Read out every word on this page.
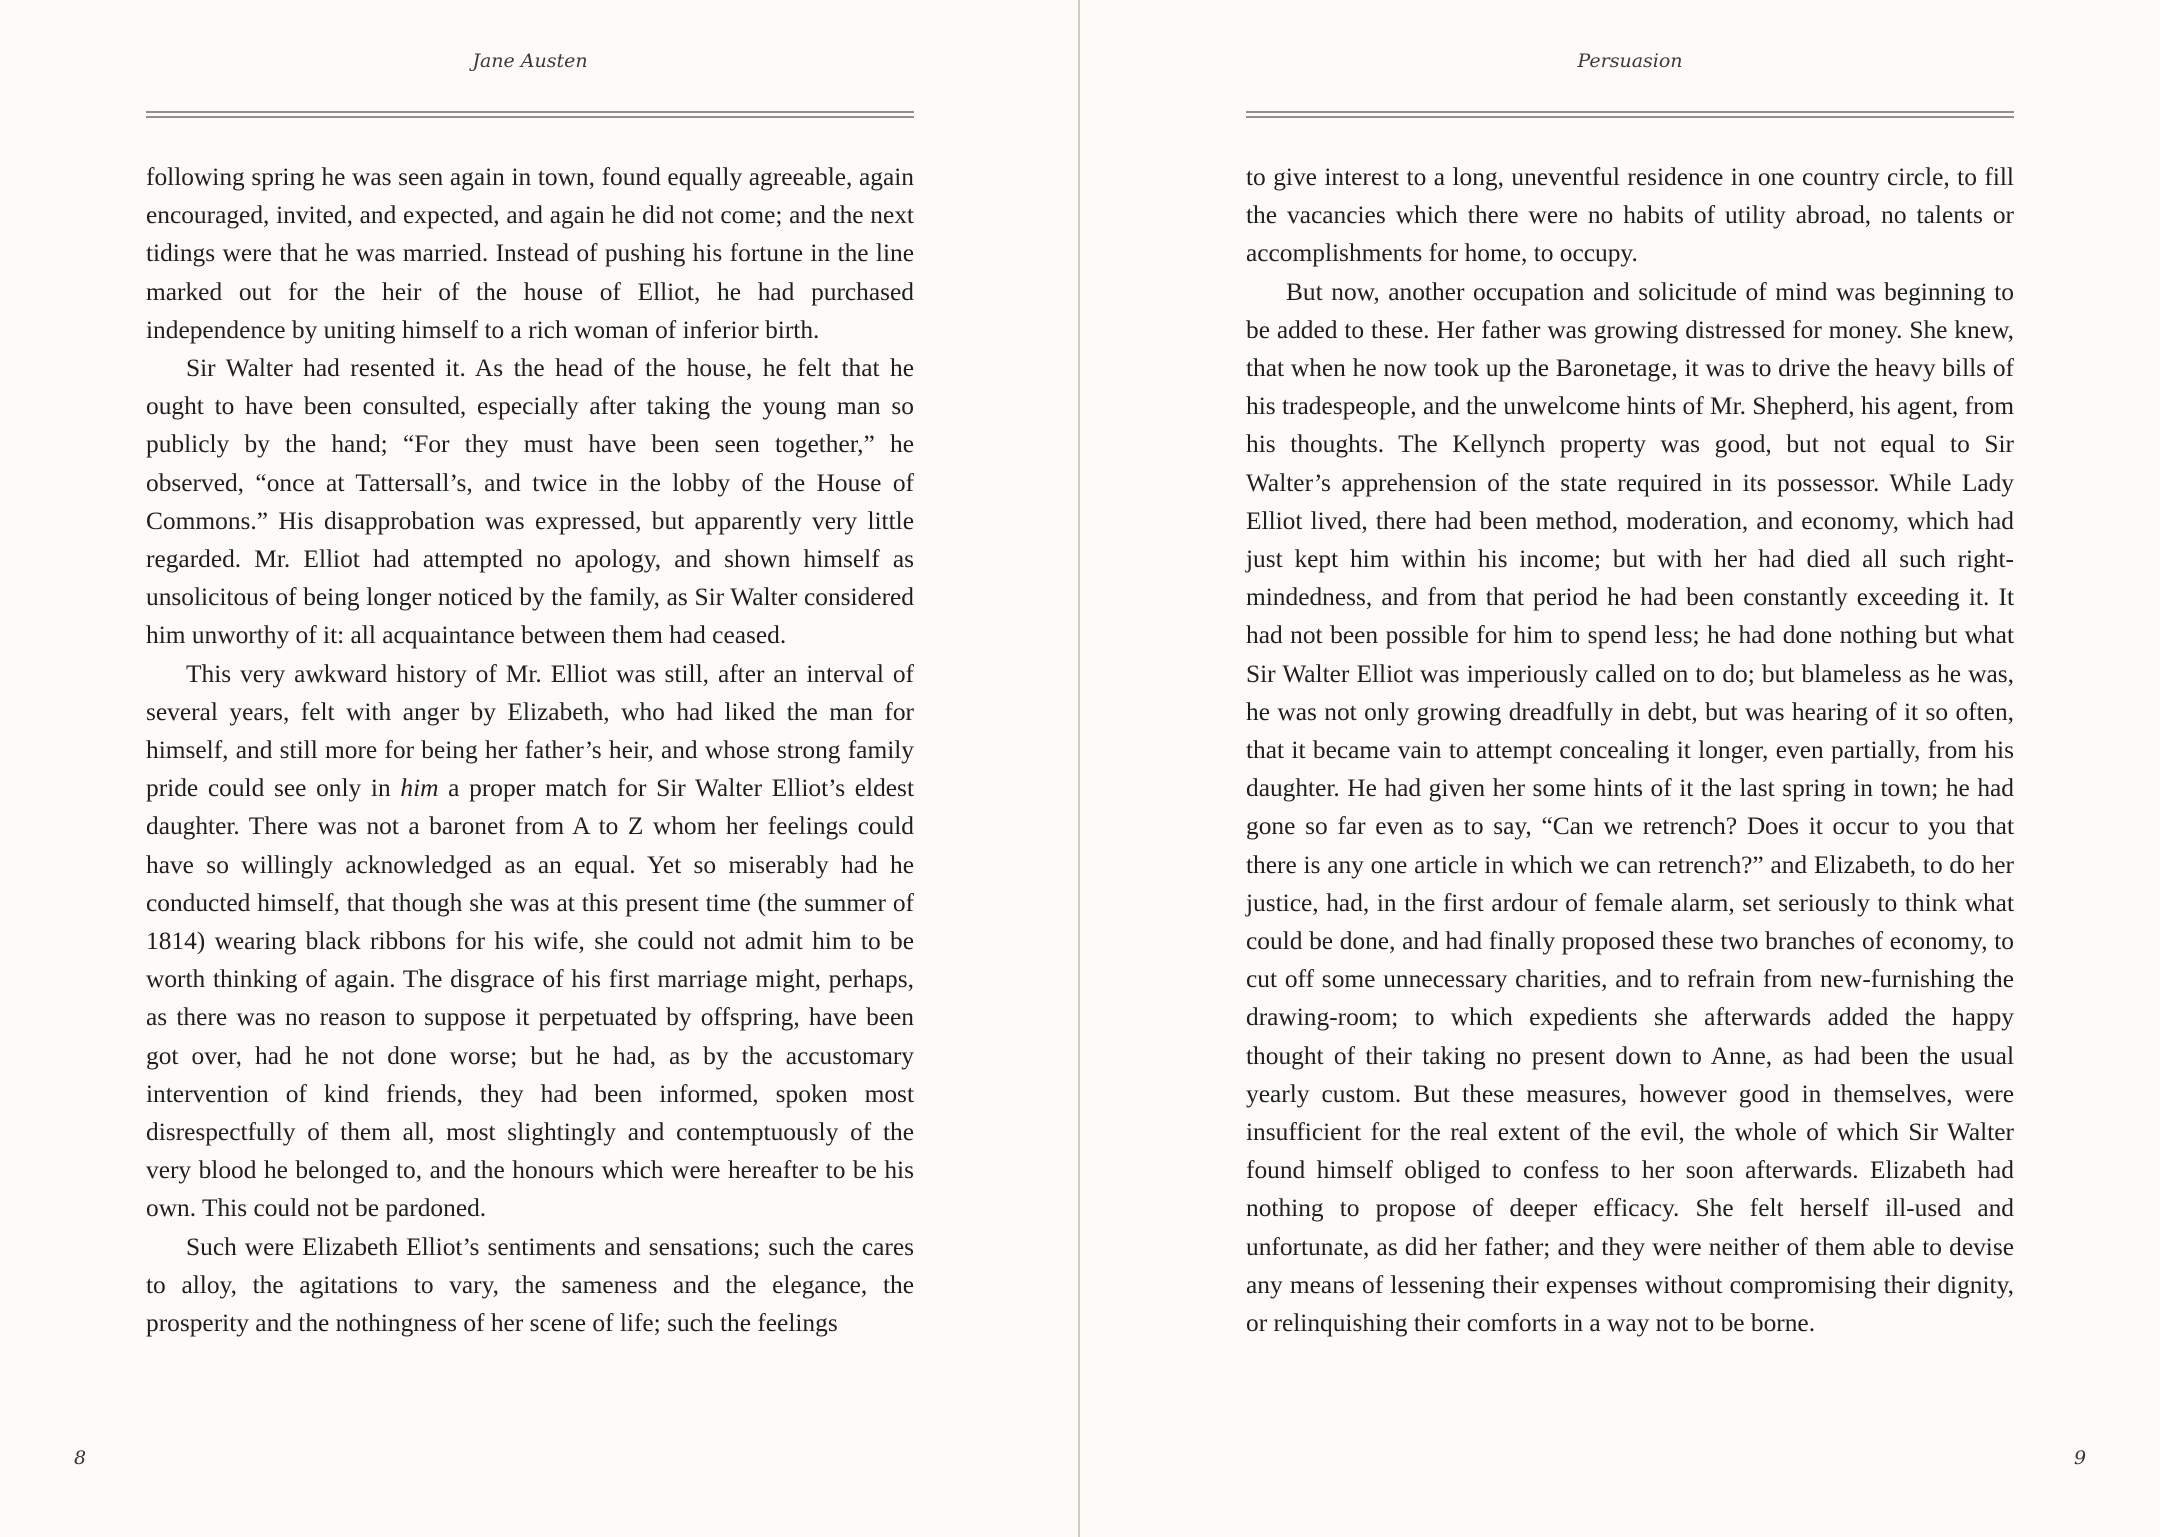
Jane Austen

following spring he was seen again in town, found equally agreeable, again encouraged, invited, and expected, and again he did not come; and the next tidings were that he was married. Instead of pushing his fortune in the line marked out for the heir of the house of Elliot, he had purchased independence by uniting himself to a rich woman of inferior birth.

Sir Walter had resented it. As the head of the house, he felt that he ought to have been consulted, especially after taking the young man so publicly by the hand; “For they must have been seen together,” he observed, “once at Tattersall’s, and twice in the lobby of the House of Commons.” His disapprobation was expressed, but apparently very little regarded. Mr. Elliot had attempted no apology, and shown himself as unsolicitous of being longer noticed by the family, as Sir Walter considered him unworthy of it: all acquaintance between them had ceased.

This very awkward history of Mr. Elliot was still, after an interval of several years, felt with anger by Elizabeth, who had liked the man for himself, and still more for being her father’s heir, and whose strong family pride could see only in him a proper match for Sir Walter Elliot’s eldest daughter. There was not a baronet from A to Z whom her feelings could have so willingly acknowledged as an equal. Yet so miserably had he conducted himself, that though she was at this present time (the summer of 1814) wearing black ribbons for his wife, she could not admit him to be worth thinking of again. The disgrace of his first marriage might, perhaps, as there was no reason to suppose it perpetuated by offspring, have been got over, had he not done worse; but he had, as by the accustomary intervention of kind friends, they had been informed, spoken most disrespectfully of them all, most slightingly and contemptuously of the very blood he belonged to, and the honours which were hereafter to be his own. This could not be pardoned.

Such were Elizabeth Elliot’s sentiments and sensations; such the cares to alloy, the agitations to vary, the sameness and the elegance, the prosperity and the nothingness of her scene of life; such the feelings

8
Persuasion

to give interest to a long, uneventful residence in one country circle, to fill the vacancies which there were no habits of utility abroad, no talents or accomplishments for home, to occupy.

But now, another occupation and solicitude of mind was beginning to be added to these. Her father was growing distressed for money. She knew, that when he now took up the Baronetage, it was to drive the heavy bills of his tradespeople, and the unwelcome hints of Mr. Shepherd, his agent, from his thoughts. The Kellynch property was good, but not equal to Sir Walter’s apprehension of the state required in its possessor. While Lady Elliot lived, there had been method, moderation, and economy, which had just kept him within his income; but with her had died all such right-mindedness, and from that period he had been constantly exceeding it. It had not been possible for him to spend less; he had done nothing but what Sir Walter Elliot was imperiously called on to do; but blameless as he was, he was not only growing dreadfully in debt, but was hearing of it so often, that it became vain to attempt concealing it longer, even partially, from his daughter. He had given her some hints of it the last spring in town; he had gone so far even as to say, “Can we retrench? Does it occur to you that there is any one article in which we can retrench?” and Elizabeth, to do her justice, had, in the first ardour of female alarm, set seriously to think what could be done, and had finally proposed these two branches of economy, to cut off some unnecessary charities, and to refrain from new-furnishing the drawing-room; to which expedients she afterwards added the happy thought of their taking no present down to Anne, as had been the usual yearly custom. But these measures, however good in themselves, were insufficient for the real extent of the evil, the whole of which Sir Walter found himself obliged to confess to her soon afterwards. Elizabeth had nothing to propose of deeper efficacy. She felt herself ill-used and unfortunate, as did her father; and they were neither of them able to devise any means of lessening their expenses without compromising their dignity, or relinquishing their comforts in a way not to be borne.

9
